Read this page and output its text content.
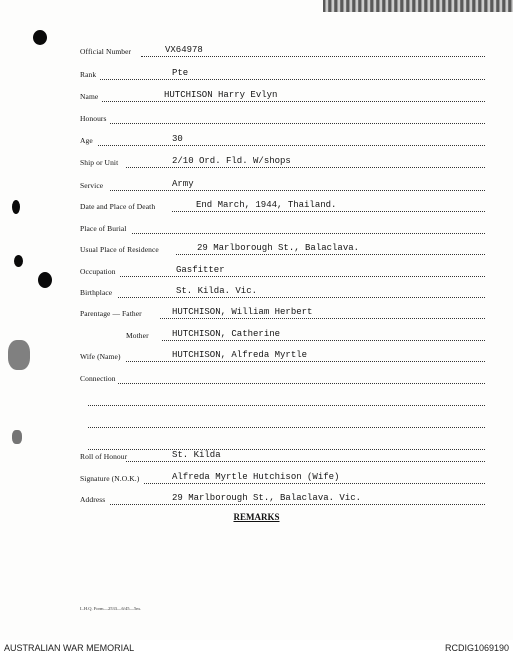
Official Number	VX64978
Rank	Pte
Name	HUTCHISON Harry Evlyn
Honours
Age	30
Ship or Unit	2/10 Ord. Fld. W/shops
Service	Army
Date and Place of Death	End March, 1944, Thailand.
Place of Burial
Usual Place of Residence	29 Marlborough St., Balaclava.
Occupation	Gasfitter
Birthplace	St. Kilda. Vic.
Parentage — Father	HUTCHISON, William Herbert
Mother	HUTCHISON, Catherine
Wife (Name)	HUTCHISON, Alfreda Myrtle
Connection
Roll of Honour	St. Kilda
Signature (N.O.K.)	Alfreda Myrtle Hutchison (Wife)
Address	29 Marlborough St., Balaclava. Vic.
REMARKS
L.H.Q. Form—2533—6/45—5m.
AUSTRALIAN WAR MEMORIAL	RCDIG1069190
